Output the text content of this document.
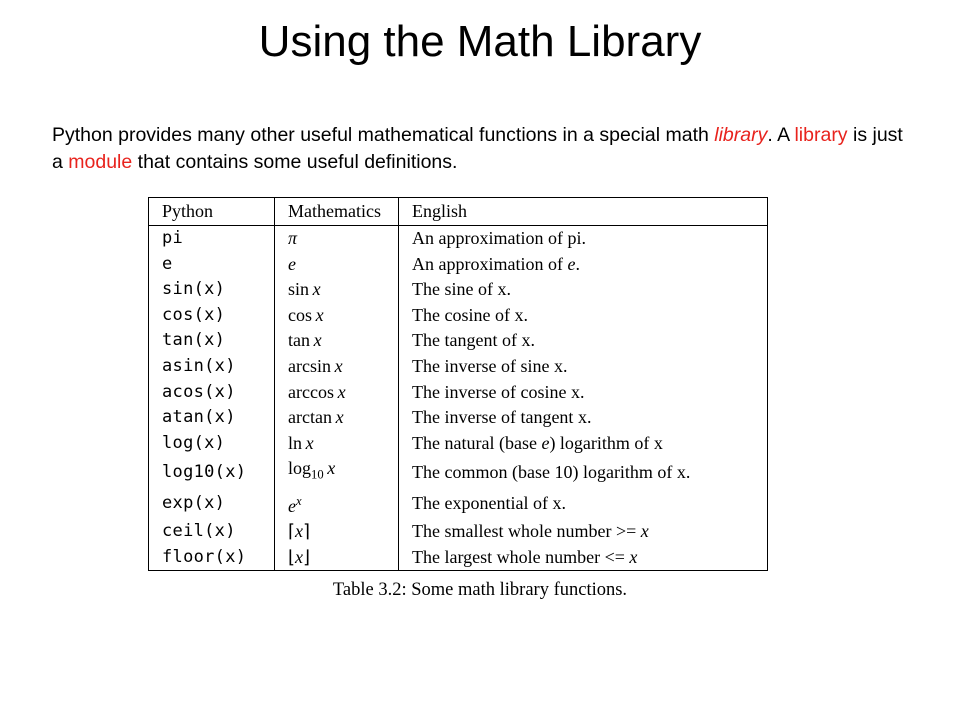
Using the Math Library

Python provides many other useful mathematical functions in a special math library. A library is just a module that contains some useful definitions.

Python	Mathematics	English
pi	π	An approximation of pi.
e	e	An approximation of e.
sin(x)	sin x	The sine of x.
cos(x)	cos x	The cosine of x.
tan(x)	tan x	The tangent of x.
asin(x)	arcsin x	The inverse of sine x.
acos(x)	arccos x	The inverse of cosine x.
atan(x)	arctan x	The inverse of tangent x.
log(x)	ln x	The natural (base e) logarithm of x
log10(x)	$\log_{10} x$	The common (base 10) logarithm of x.
exp(x)	$e^x$	The exponential of x.
ceil(x)	⌈x⌉	The smallest whole number >= x
floor(x)	⌊x⌋	The largest whole number <= x
Table 3.2: Some math library functions.
